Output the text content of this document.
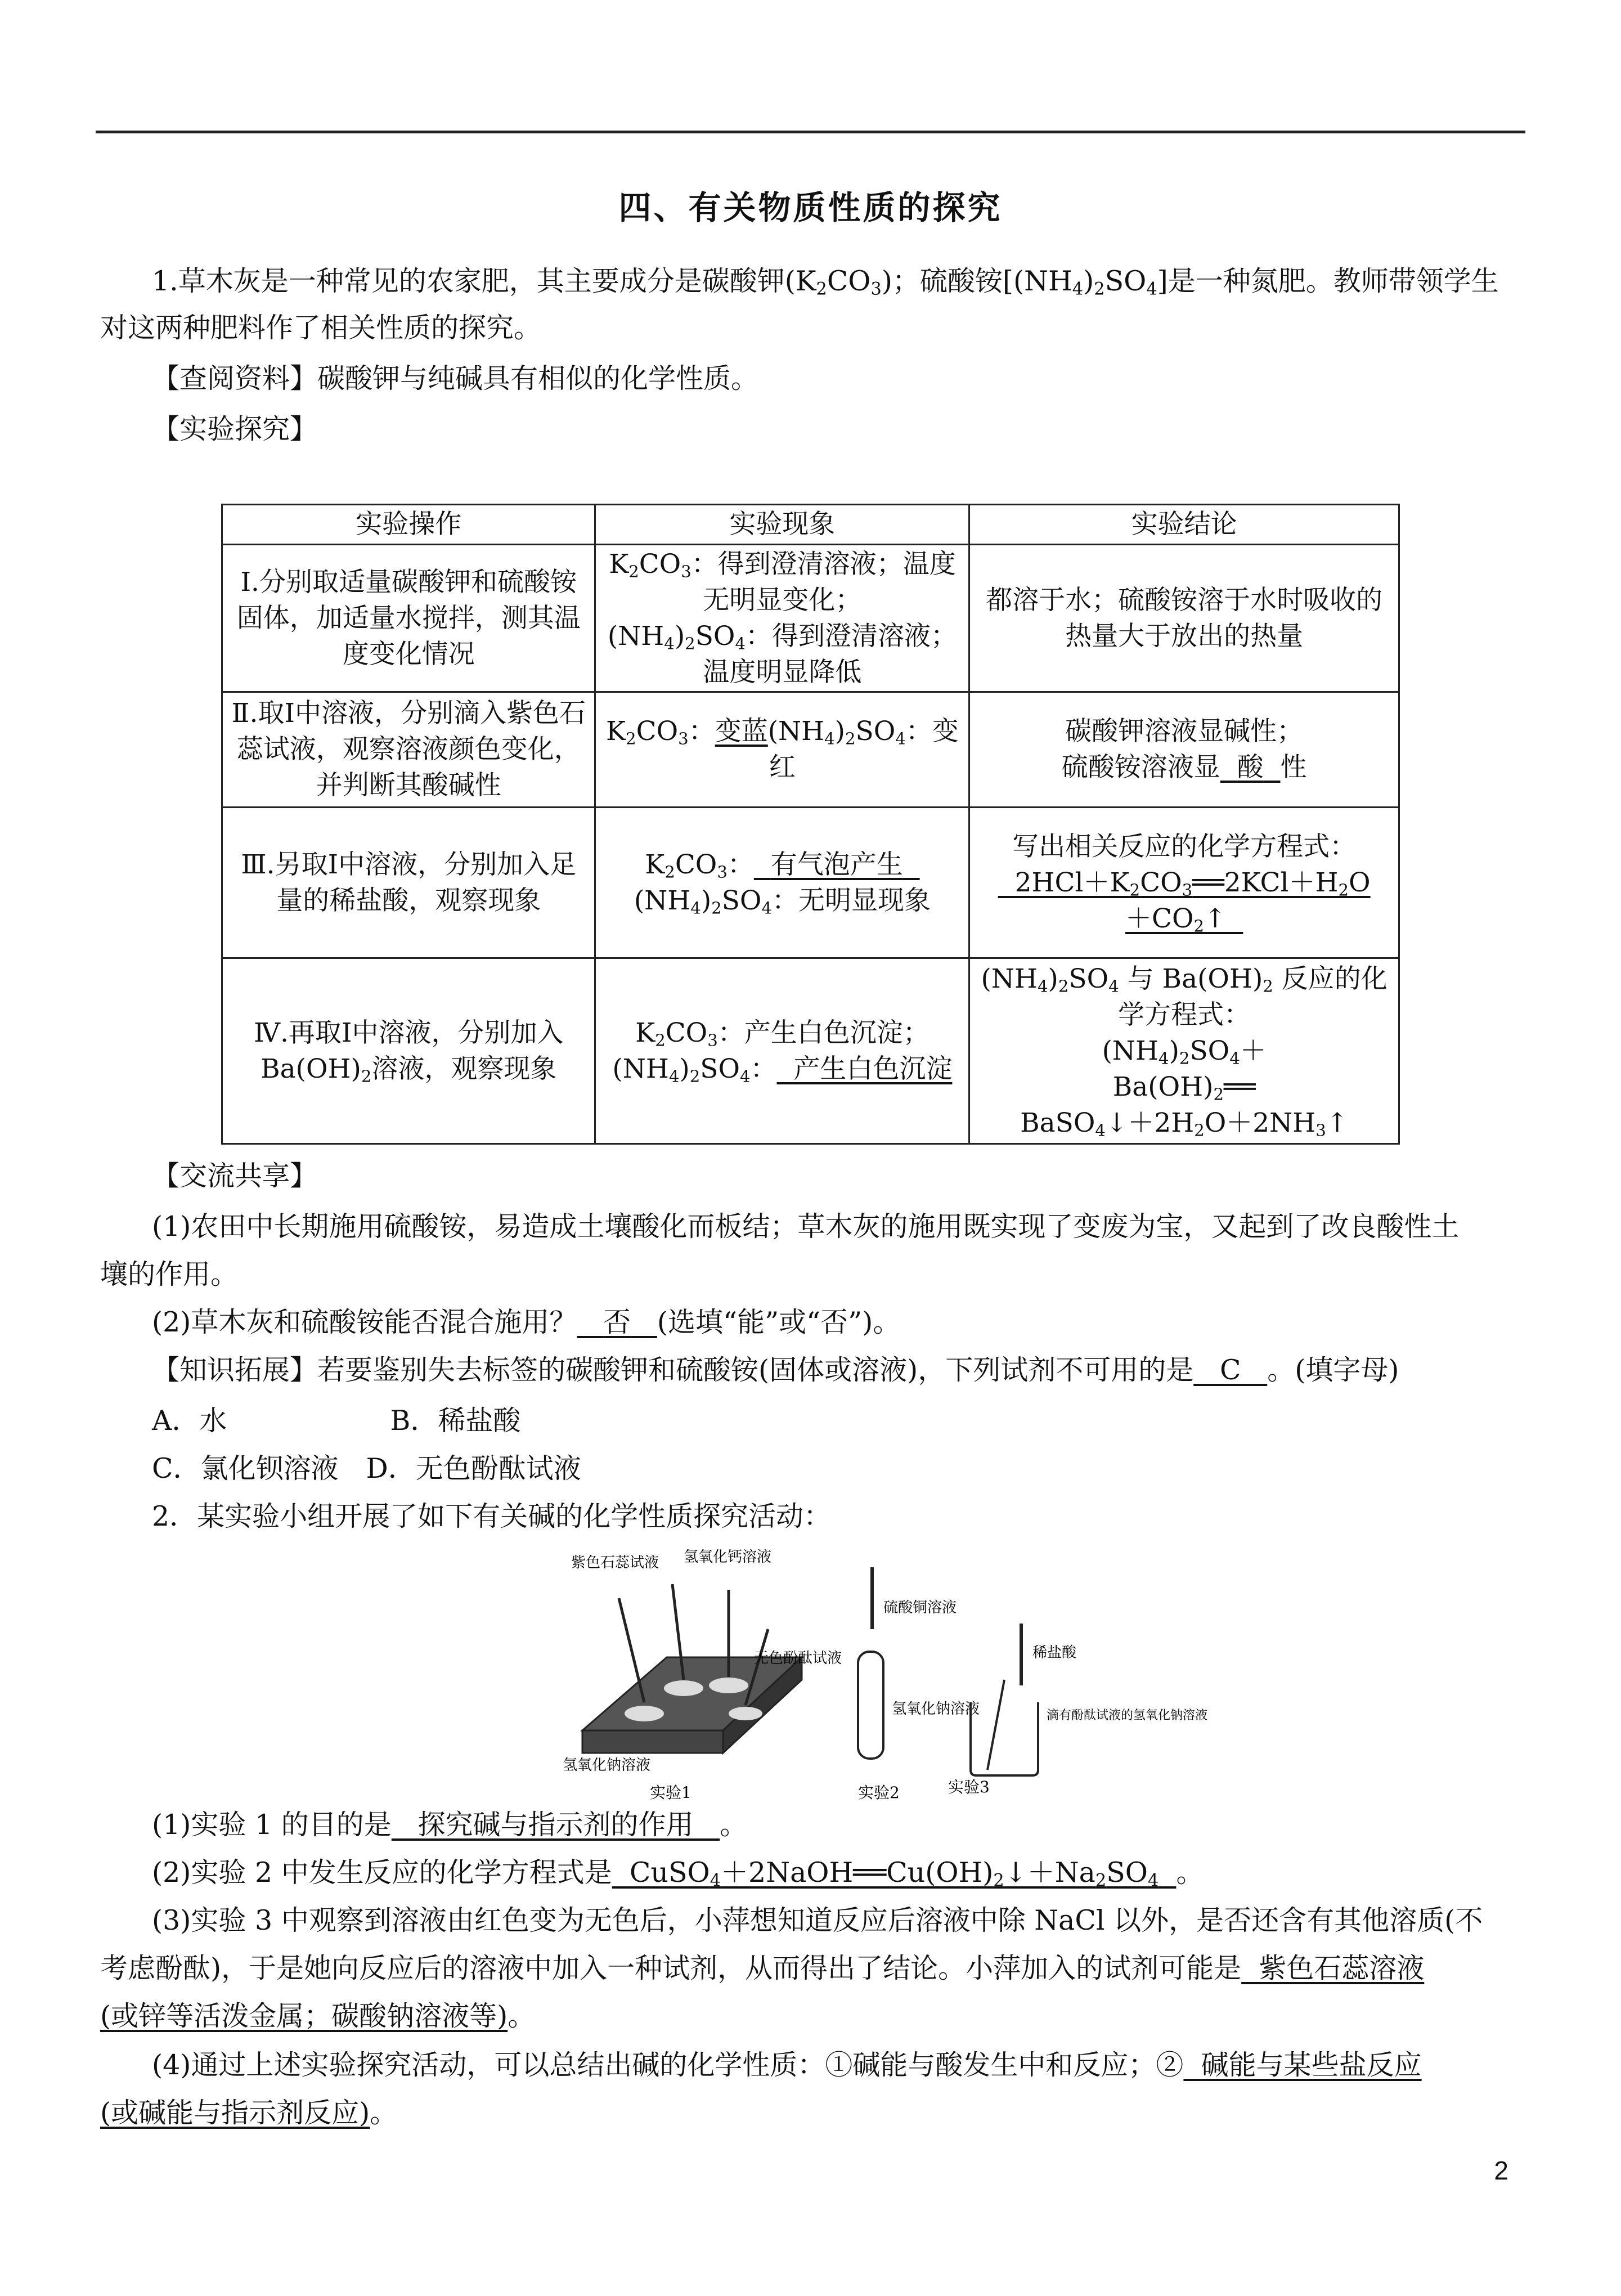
四、有关物质性质的探究
1.草木灰是一种常见的农家肥，其主要成分是碳酸钾$(K_2CO_3)$；硫酸铵$[(NH_4)_2SO_4]$是一种氮肥。教师带领学生
对这两种肥料作了相关性质的探究。
【查阅资料】碳酸钾与纯碱具有相似的化学性质。
【实验探究】
实验操作	实验现象	实验结论
Ⅰ.分别取适量碳酸钾和硫酸铵固体，加适量水搅拌，测其温度变化情况	$K_2CO_3$：得到澄清溶液；温度
无明显变化；
$(NH_4)_2SO_4$：得到澄清溶液；
温度明显降低	都溶于水；硫酸铵溶于水时吸收的热量大于放出的热量
Ⅱ.取Ⅰ中溶液，分别滴入紫色石蕊试液，观察溶液颜色变化，并判断其酸碱性	$K_2CO_3$：变蓝$(NH_4)_2SO_4$：变红	碳酸钾溶液显碱性；
硫酸铵溶液显 酸 性
Ⅲ.另取Ⅰ中溶液，分别加入足量的稀盐酸，观察现象	$K_2CO_3$： 有气泡产生
$(NH_4)_2SO_4$：无明显现象	写出相关反应的化学方程式：
$2HCl+K_2CO_3══2KCl+H_2O$
$+CO_2↑$
Ⅳ.再取Ⅰ中溶液，分别加入
$Ba(OH)_2$溶液，观察现象	$K_2CO_3$：产生白色沉淀；
$(NH_4)_2SO_4$： 产生白色沉淀	$(NH_4)_2SO_4$ 与 $Ba(OH)_2$ 反应的化学方程式：
$(NH_4)_2SO_4+$
$Ba(OH)_2══$
$BaSO_4↓+2H_2O+2NH_3↑$
【交流共享】
(1)农田中长期施用硫酸铵，易造成土壤酸化而板结；草木灰的施用既实现了变废为宝，又起到了改良酸性土
壤的作用。
(2)草木灰和硫酸铵能否混合施用？ 否 (选填“能”或“否”)。
【知识拓展】若要鉴别失去标签的碳酸钾和硫酸铵(固体或溶液)，下列试剂不可用的是 C 。(填字母)
A．水	B．稀盐酸
C．氯化钡溶液　D．无色酚酞试液
2．某实验小组开展了如下有关碱的化学性质探究活动：
紫色石蕊试液 氢氧化钙溶液
无色酚酞试液
氢氧化钠溶液
实验1
硫酸铜溶液
氢氧化钠溶液
实验2
稀盐酸
实验3
滴有酚酞试液的氢氧化钠溶液
(1)实验 1 的目的是 探究碱与指示剂的作用 。
(2)实验 2 中发生反应的化学方程式是  $CuSO_4+2NaOH══Cu(OH)_2↓+Na_2SO_4$ 。
(3)实验 3 中观察到溶液由红色变为无色后，小萍想知道反应后溶液中除 NaCl 以外，是否还含有其他溶质(不
考虑酚酞)，于是她向反应后的溶液中加入一种试剂，从而得出了结论。小萍加入的试剂可能是 紫色石蕊溶液
(或锌等活泼金属；碳酸钠溶液等)。
(4)通过上述实验探究活动，可以总结出碱的化学性质：①碱能与酸发生中和反应；② 碱能与某些盐反应
(或碱能与指示剂反应)。
2
